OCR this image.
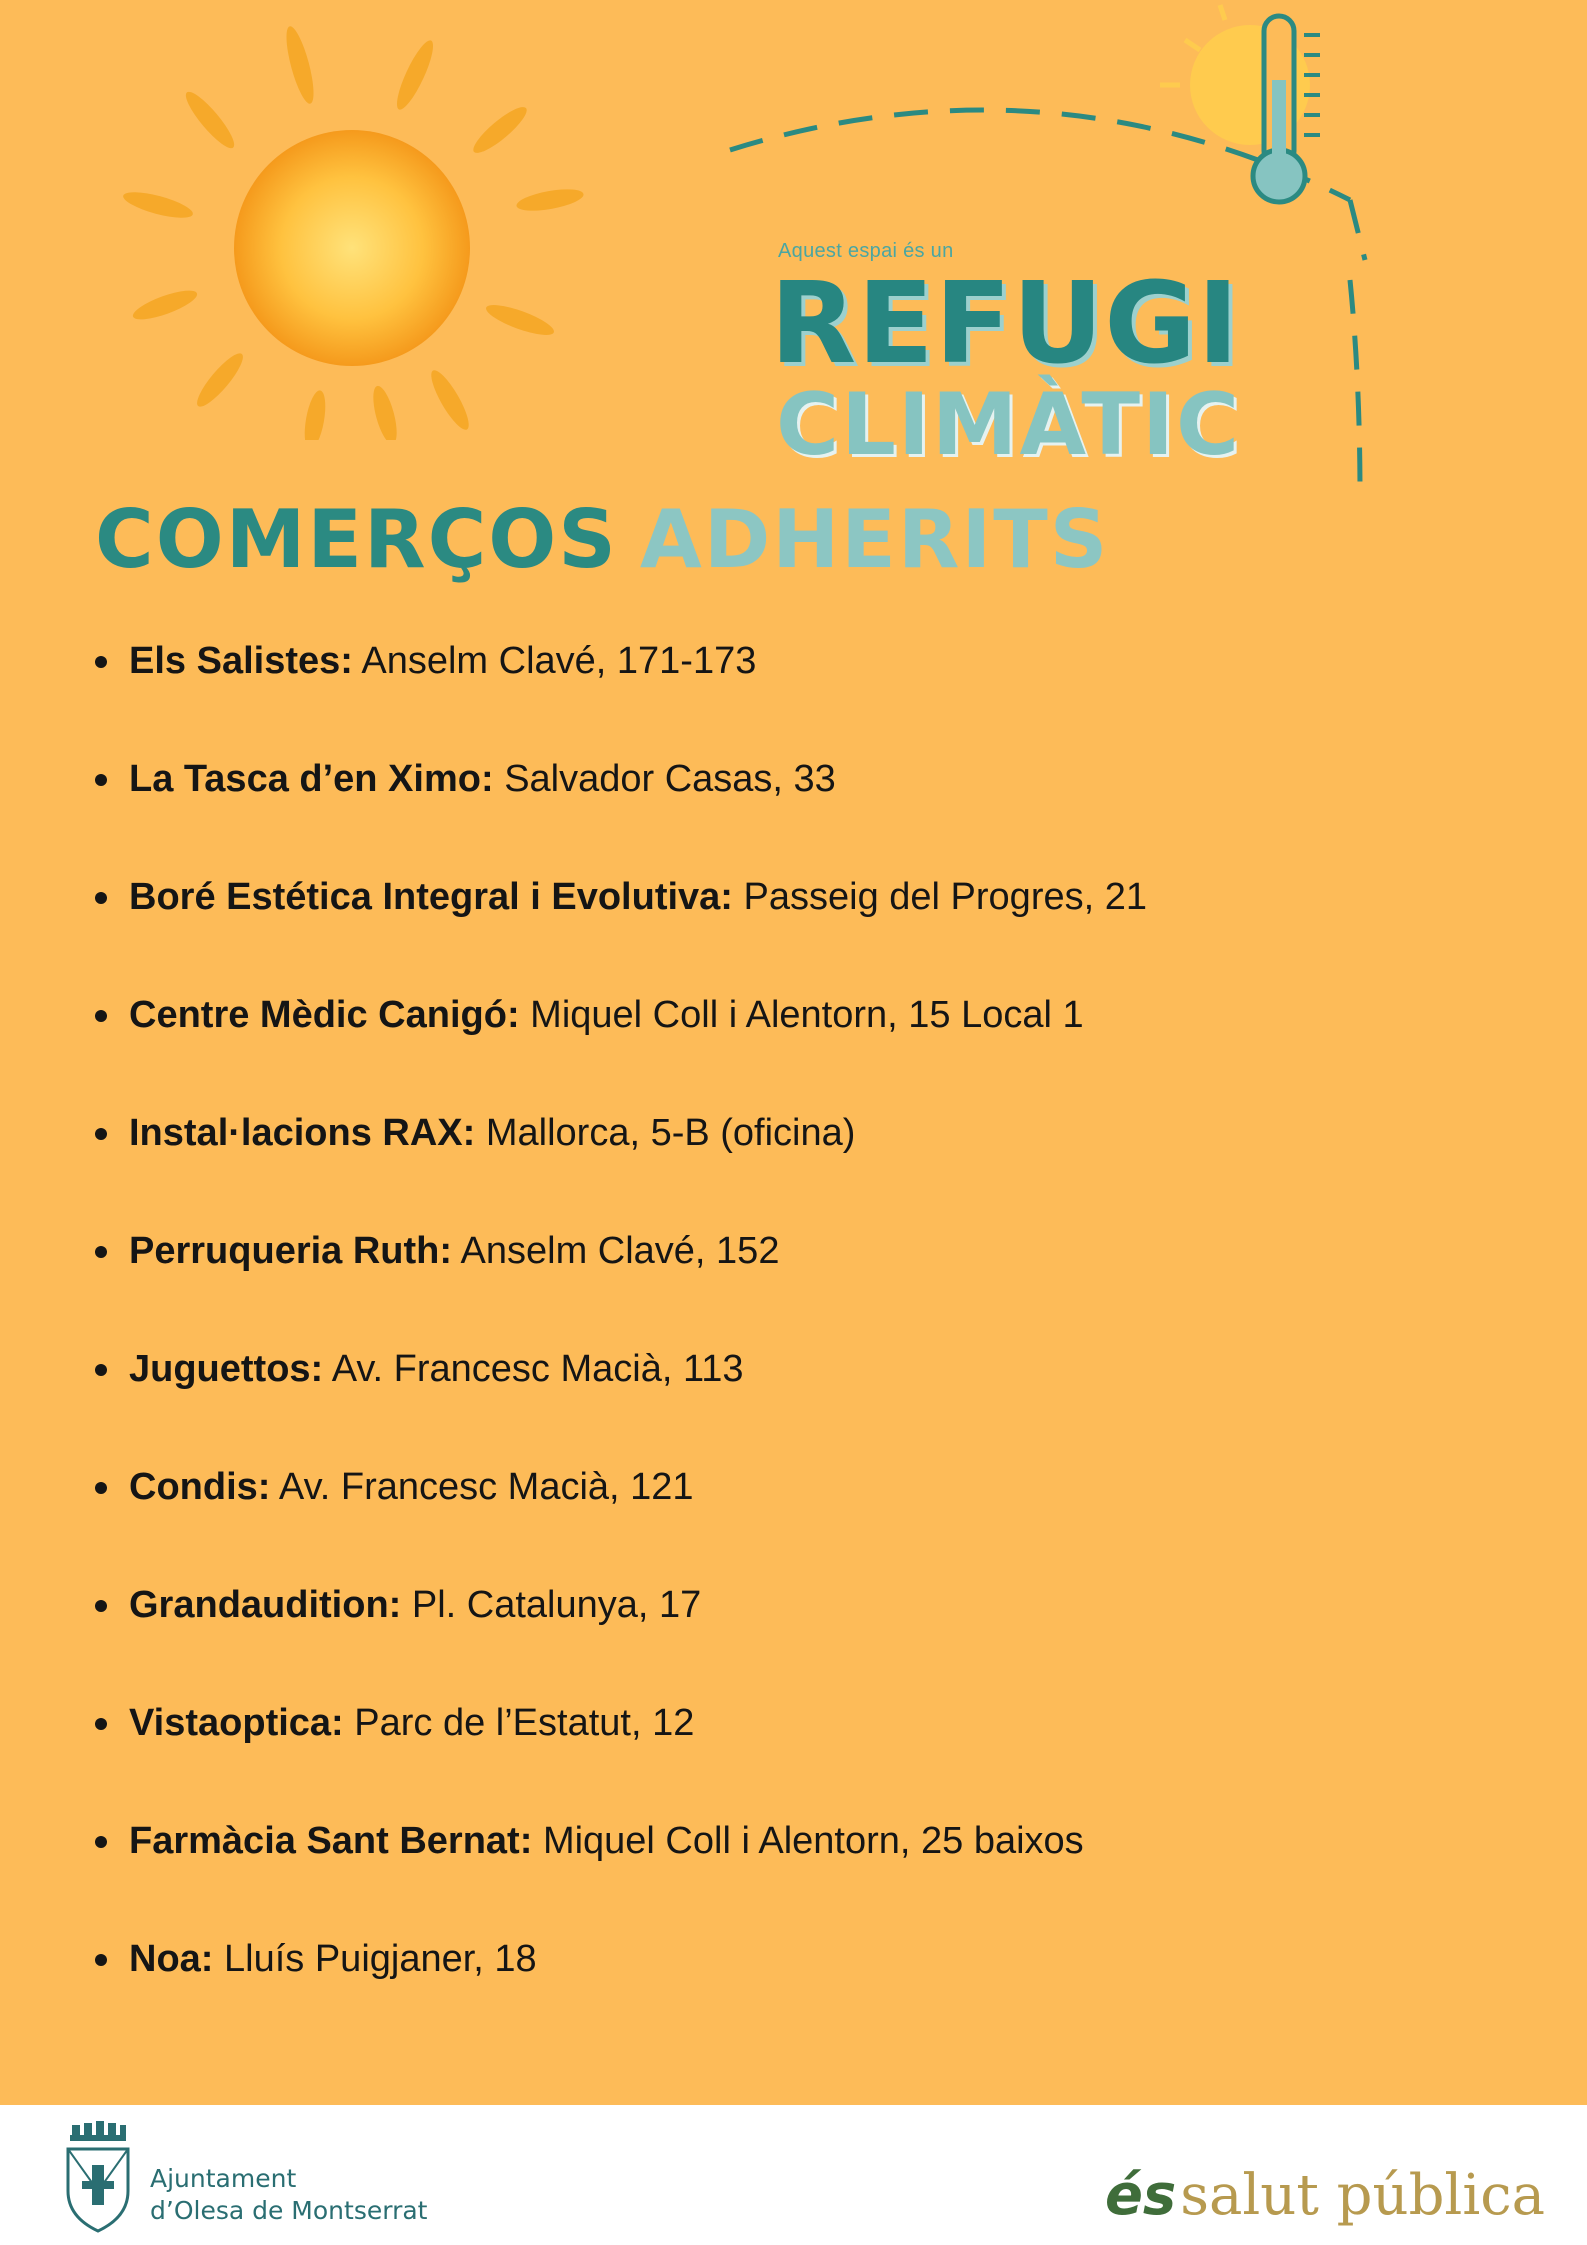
Aquest espai és un
REFUGI
CLIMÀTIC
COMERÇOS ADHERITS
Els Salistes: Anselm Clavé, 171-173
La Tasca d’en Ximo: Salvador Casas, 33
Boré Estética Integral i Evolutiva: Passeig del Progres, 21
Centre Mèdic Canigó: Miquel Coll i Alentorn, 15 Local 1
Instal·lacions RAX: Mallorca, 5-B (oficina)
Perruqueria Ruth: Anselm Clavé, 152
Juguettos: Av. Francesc Macià, 113
Condis: Av. Francesc Macià, 121
Grandaudition: Pl. Catalunya, 17
Vistaoptica: Parc de l’Estatut, 12
Farmàcia Sant Bernat: Miquel Coll i Alentorn, 25 baixos
Noa: Lluís Puigjaner, 18
Ajuntament
d’Olesa de Montserrat	éssalut pública
